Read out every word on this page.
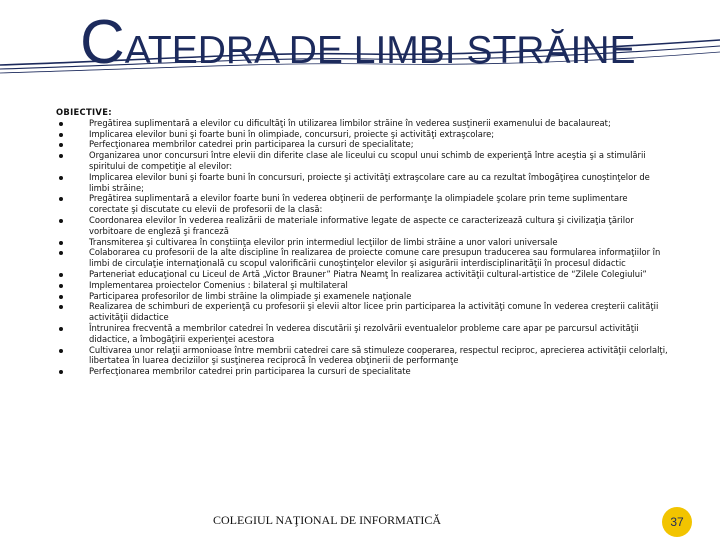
CATEDRA DE LIMBI STRĂINE
OBIECTIVE:
Pregătirea suplimentară a elevilor cu dificultăţi în utilizarea limbilor străine în vederea susţinerii examenului de bacalaureat;
Implicarea elevilor buni şi foarte buni în olimpiade, concursuri, proiecte şi activităţi extraşcolare;
Perfecţionarea membrilor catedrei prin participarea la cursuri de specialitate;
Organizarea unor concursuri între elevii din diferite clase ale liceului cu scopul unui schimb de experienţă între aceştia şi a stimulării spiritului de competiţie al elevilor:
Implicarea elevilor buni şi foarte buni în concursuri, proiecte şi activităţi extraşcolare care au ca rezultat îmbogăţirea cunoştinţelor de limbi străine;
Pregătirea suplimentară a elevilor foarte buni în vederea obţinerii de performanţe la olimpiadele şcolare prin teme suplimentare corectate şi discutate cu elevii de profesorii de la clasă:
Coordonarea elevilor în vederea realizării de materiale informative legate de aspecte ce caracterizează cultura şi civilizaţia ţărilor vorbitoare de engleză şi franceză
Transmiterea şi cultivarea în conştiinţa elevilor prin intermediul lecţiilor de limbi străine a unor valori universale
Colaborarea cu profesorii de la alte discipline în realizarea de proiecte comune care presupun traducerea sau formularea informaţiilor în limbi de circulaţie internaţională cu scopul valorificării cunoştinţelor elevilor şi asigurării interdisciplinarităţii în procesul didactic
Parteneriat educaţional cu Liceul de Artă „Victor Brauner” Piatra Neamţ în realizarea activităţii cultural-artistice de “Zilele Colegiului”
Implementarea proiectelor Comenius : bilateral şi multilateral
Participarea profesorilor de limbi străine la olimpiade şi examenele naţionale
Realizarea de schimburi de experienţă cu profesorii şi elevii altor licee prin participarea la activităţi comune în vederea creşterii calităţii activităţii didactice
Întrunirea frecventă a membrilor catedrei în vederea discutării şi rezolvării eventualelor probleme care apar pe parcursul activităţii didactice, a îmbogăţirii experienţei acestora
Cultivarea unor relaţii armonioase între membrii catedrei care să stimuleze cooperarea, respectul reciproc, aprecierea activităţii celorlalţi, libertatea în luarea deciziilor şi susţinerea reciprocă în vederea obţinerii de performanţe
Perfecţionarea membrilor catedrei prin participarea la cursuri de specialitate
COLEGIUL NAŢIONAL DE INFORMATICĂ	37
